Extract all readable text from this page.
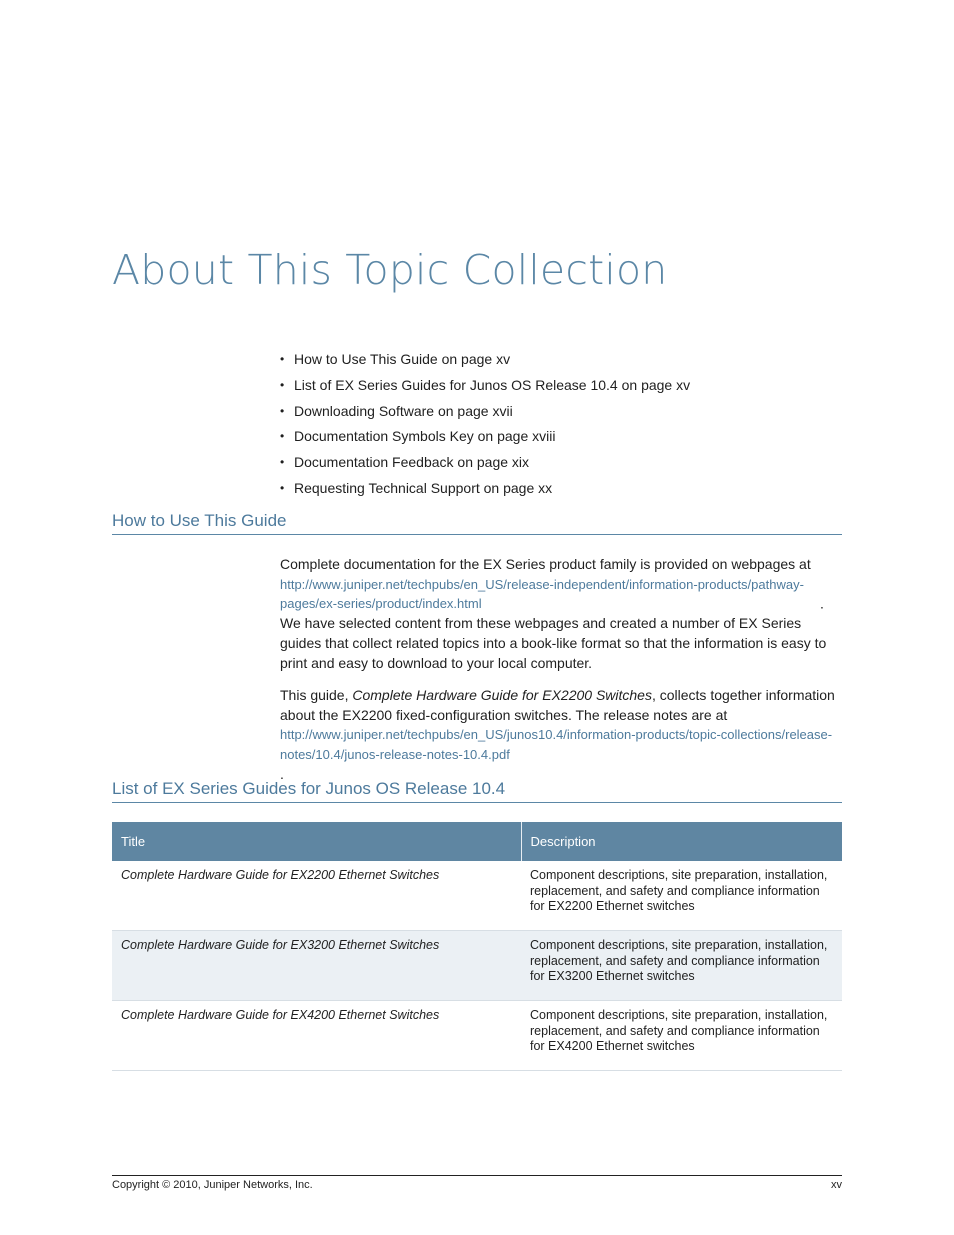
About This Topic Collection
• How to Use This Guide on page xv
• List of EX Series Guides for Junos OS Release 10.4 on page xv
• Downloading Software on page xvii
• Documentation Symbols Key on page xviii
• Documentation Feedback on page xix
• Requesting Technical Support on page xx
How to Use This Guide

Complete documentation for the EX Series product family is provided on webpages at http://www.juniper.net/techpubs/en_US/release-independent/information-products/pathway-pages/ex-series/product/index.html	. We have selected content from these webpages and created a number of EX Series guides that collect related topics into a book-like format so that the information is easy to print and easy to download to your local computer.

This guide, Complete Hardware Guide for EX2200 Switches, collects together information about the EX2200 fixed-configuration switches. The release notes are at http://www.juniper.net/techpubs/en_US/junos10.4/information-products/topic-collections/release-notes/10.4/junos-release-notes-10.4.pdf.

List of EX Series Guides for Junos OS Release 10.4
Title	Description
Complete Hardware Guide for EX2200 Ethernet Switches	Component descriptions, site preparation, installation, replacement, and safety and compliance information for EX2200 Ethernet switches
Complete Hardware Guide for EX3200 Ethernet Switches	Component descriptions, site preparation, installation, replacement, and safety and compliance information for EX3200 Ethernet switches
Complete Hardware Guide for EX4200 Ethernet Switches	Component descriptions, site preparation, installation, replacement, and safety and compliance information for EX4200 Ethernet switches
Copyright © 2010, Juniper Networks, Inc.	xv
